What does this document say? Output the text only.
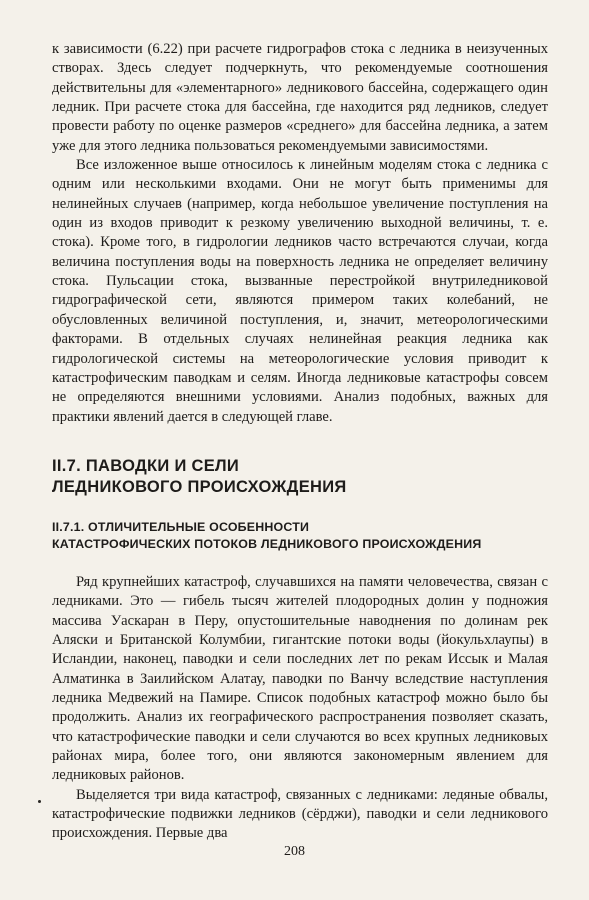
к зависимости (6.22) при расчете гидрографов стока с ледника в неизученных створах. Здесь следует подчеркнуть, что рекомендуемые соотношения действительны для «элементарного» ледникового бассейна, содержащего один ледник. При расчете стока для бассейна, где находится ряд ледников, следует провести работу по оценке размеров «среднего» для бассейна ледника, а затем уже для этого ледника пользоваться рекомендуемыми зависимостями.

Все изложенное выше относилось к линейным моделям стока с ледника с одним или несколькими входами. Они не могут быть применимы для нелинейных случаев (например, когда небольшое увеличение поступления на один из входов приводит к резкому увеличению выходной величины, т. е. стока). Кроме того, в гидрологии ледников часто встречаются случаи, когда величина поступления воды на поверхность ледника не определяет величину стока. Пульсации стока, вызванные перестройкой внутриледниковой гидрографической сети, являются примером таких колебаний, не обусловленных величиной поступления, и, значит, метеорологическими факторами. В отдельных случаях нелинейная реакция ледника как гидрологической системы на метеорологические условия приводит к катастрофическим паводкам и селям. Иногда ледниковые катастрофы совсем не определяются внешними условиями. Анализ подобных, важных для практики явлений дается в следующей главе.

II.7. ПАВОДКИ И СЕЛИ
ЛЕДНИКОВОГО ПРОИСХОЖДЕНИЯ
II.7.1. ОТЛИЧИТЕЛЬНЫЕ ОСОБЕННОСТИ
КАТАСТРОФИЧЕСКИХ ПОТОКОВ ЛЕДНИКОВОГО ПРОИСХОЖДЕНИЯ

Ряд крупнейших катастроф, случавшихся на памяти человечества, связан с ледниками. Это — гибель тысяч жителей плодородных долин у подножия массива Уаскаран в Перу, опустошительные наводнения по долинам рек Аляски и Британской Колумбии, гигантские потоки воды (йокульхлаупы) в Исландии, наконец, паводки и сели последних лет по рекам Иссык и Малая Алматинка в Заилийском Алатау, паводки по Ванчу вследствие наступления ледника Медвежий на Памире. Список подобных катастроф можно было бы продолжить. Анализ их географического распространения позволяет сказать, что катастрофические паводки и сели случаются во всех крупных ледниковых районах мира, более того, они являются закономерным явлением для ледниковых районов.

Выделяется три вида катастроф, связанных с ледниками: ледяные обвалы, катастрофические подвижки ледников (сёрджи), паводки и сели ледникового происхождения. Первые два

208
